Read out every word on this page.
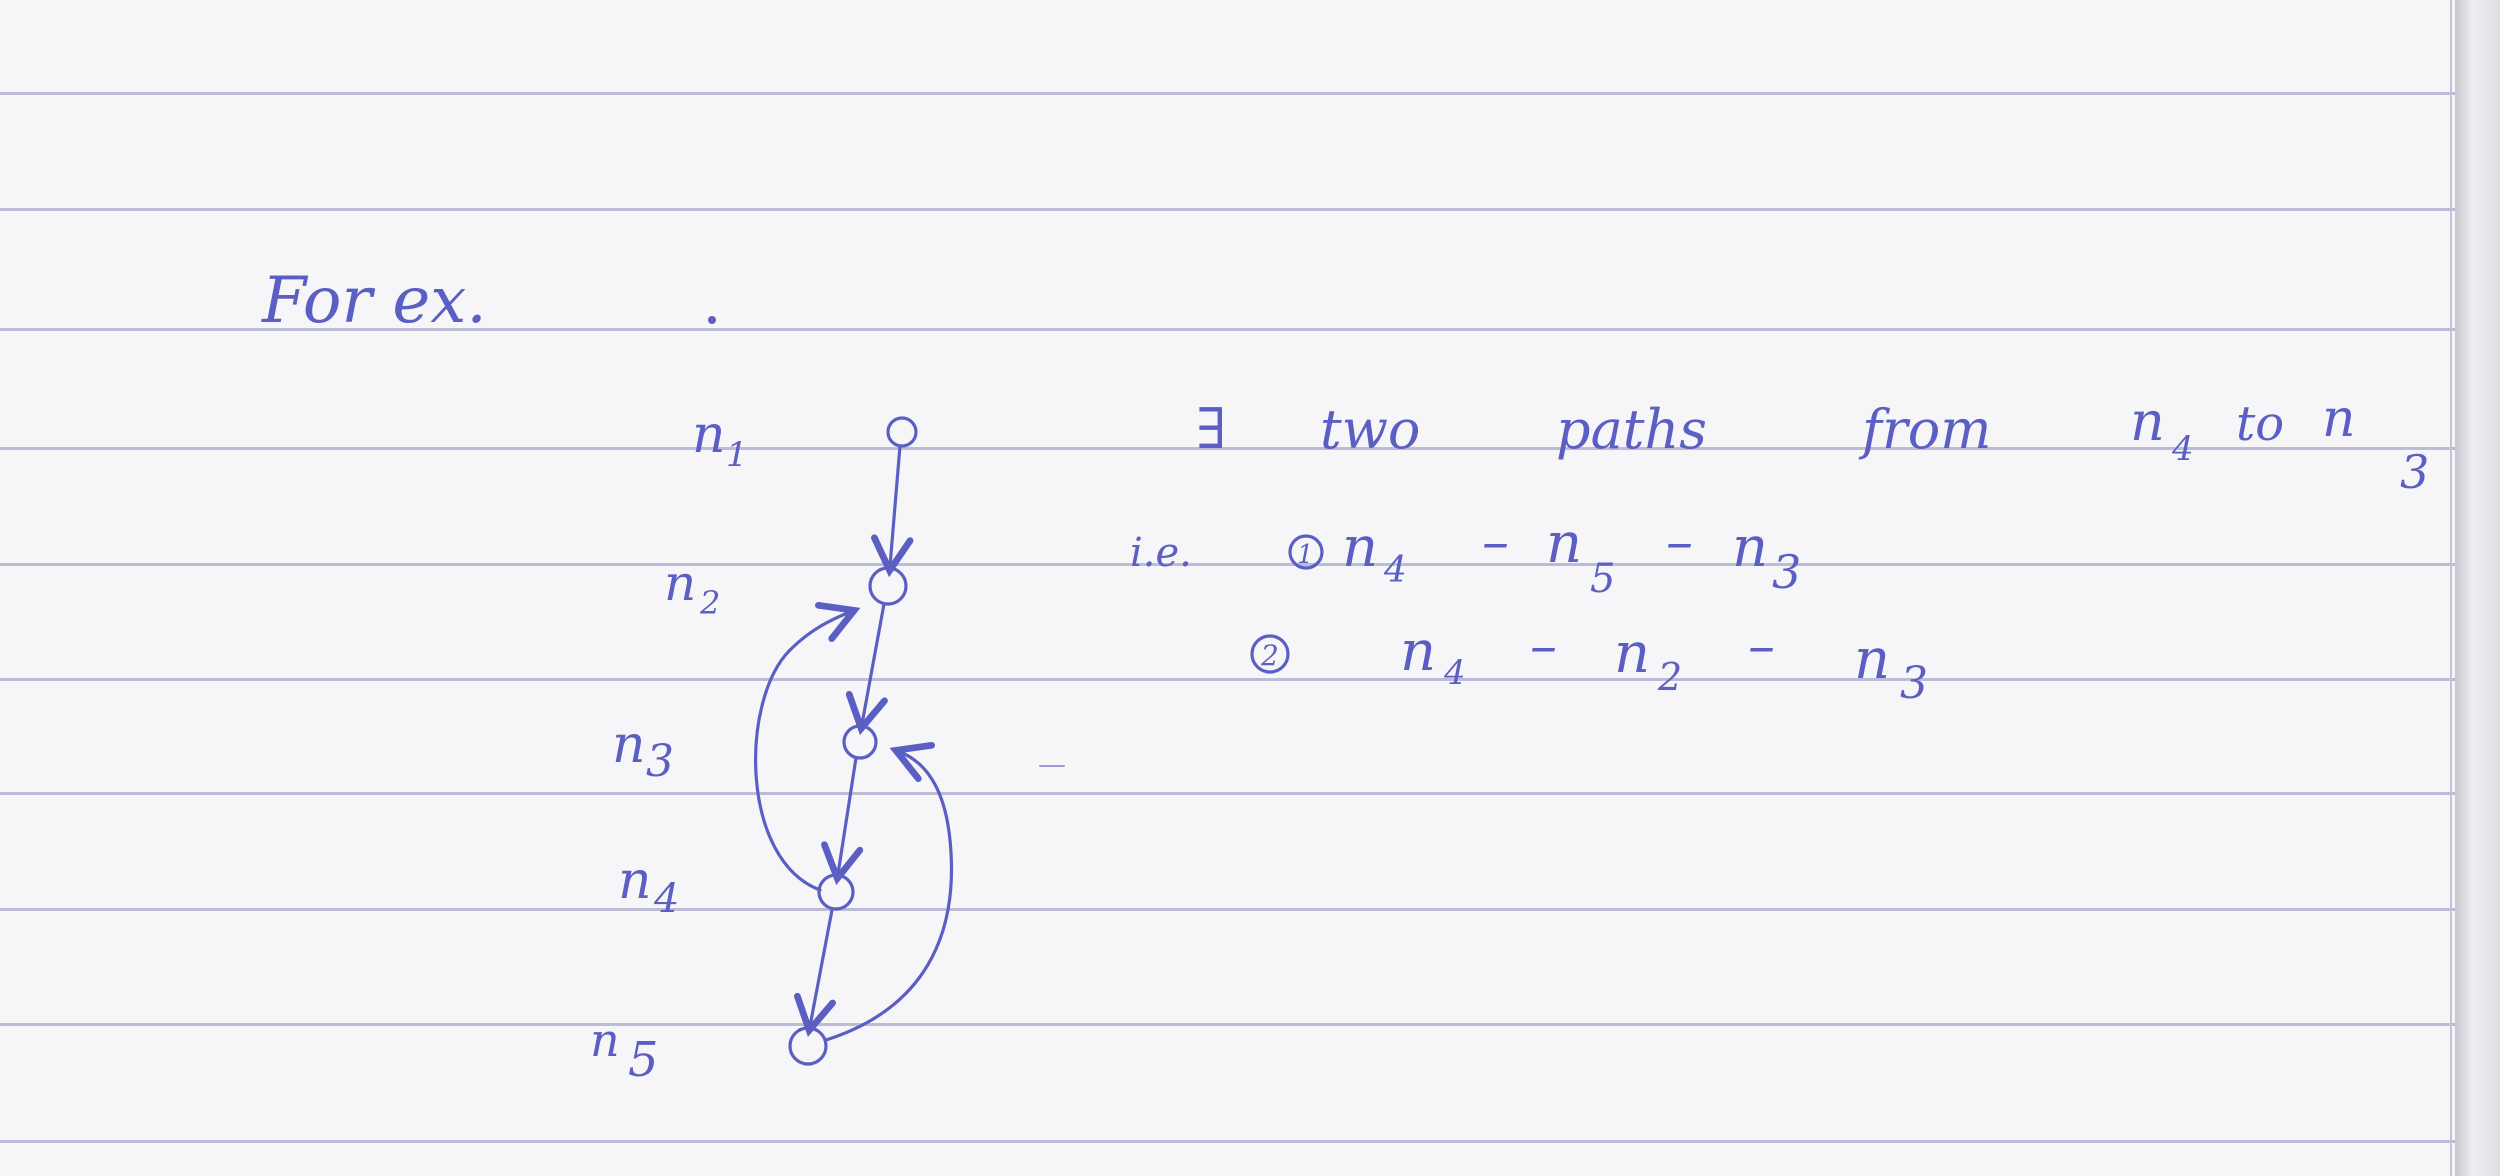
For ex.
n 1
n 2
n 3
n 4
n 5
∃ two	paths	from	n 4 to n
3
i.e.	1 n 4 – n
5
– n 3
2 n 4 – n 2 – n 3
